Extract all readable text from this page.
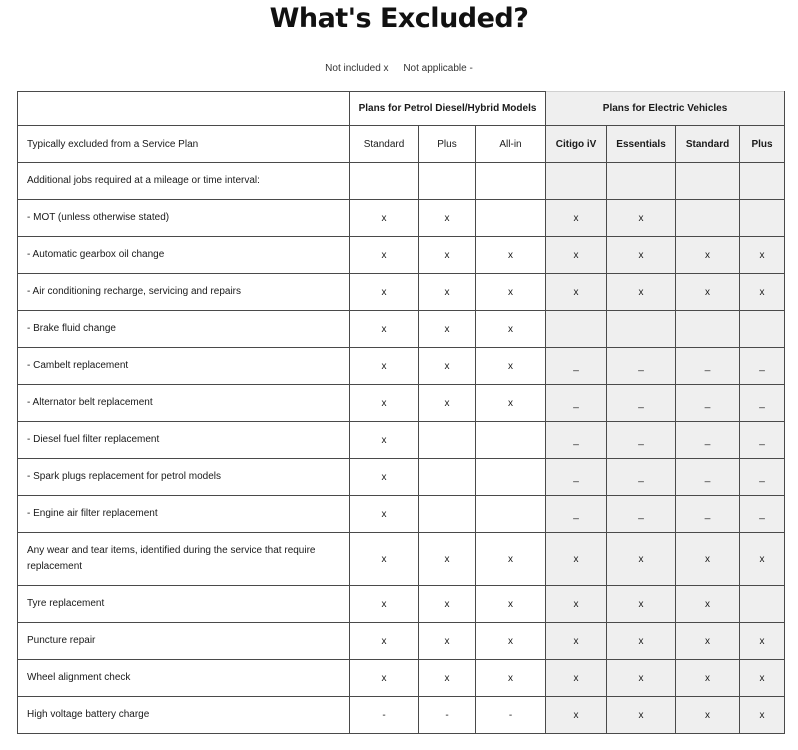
What's Excluded?
Not included x Not applicable -
	Plans for Petrol Diesel/Hybrid Models			Plans for Electric Vehicles			
Typically excluded from a Service Plan	Standard	Plus	All-in	Citigo iV	Essentials	Standard	Plus
Additional jobs required at a mileage or time interval:							
- MOT (unless otherwise stated)	x	x		x	x		
- Automatic gearbox oil change	x	x	x	x	x	x	x
- Air conditioning recharge, servicing and repairs	x	x	x	x	x	x	x
- Brake fluid change	x	x	x				
- Cambelt replacement	x	x	x	_	_	_	_
- Alternator belt replacement	x	x	x	_	_	_	_
- Diesel fuel filter replacement	x			_	_	_	_
- Spark plugs replacement for petrol models	x			_	_	_	_
- Engine air filter replacement	x			_	_	_	_
Any wear and tear items, identified during the service that require replacement	x	x	x	x	x	x	x
Tyre replacement	x	x	x	x	x	x	
Puncture repair	x	x	x	x	x	x	x
Wheel alignment check	x	x	x	x	x	x	x
High voltage battery charge	-	-	-	x	x	x	x
